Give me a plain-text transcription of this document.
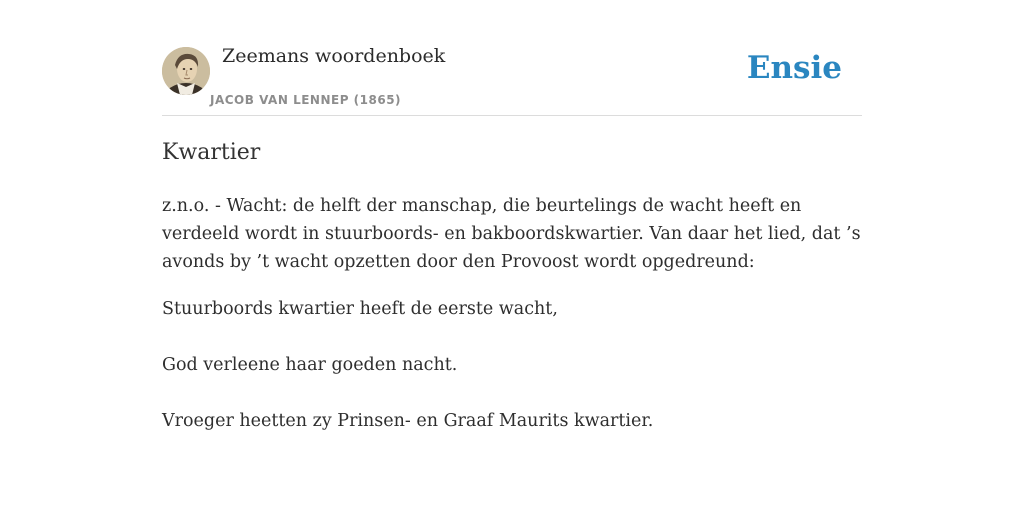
Zeemans woordenboek
JACOB VAN LENNEP (1865)
Ensie
Kwartier

z.n.o. - Wacht: de helft der manschap, die beurtelings de wacht heeft en verdeeld wordt in stuurboords- en bakboordskwartier. Van daar het lied, dat ’s avonds by ’t wacht opzetten door den Provoost wordt opgedreund:

Stuurboords kwartier heeft de eerste wacht,

God verleene haar goeden nacht.

Vroeger heetten zy Prinsen- en Graaf Maurits kwartier.
